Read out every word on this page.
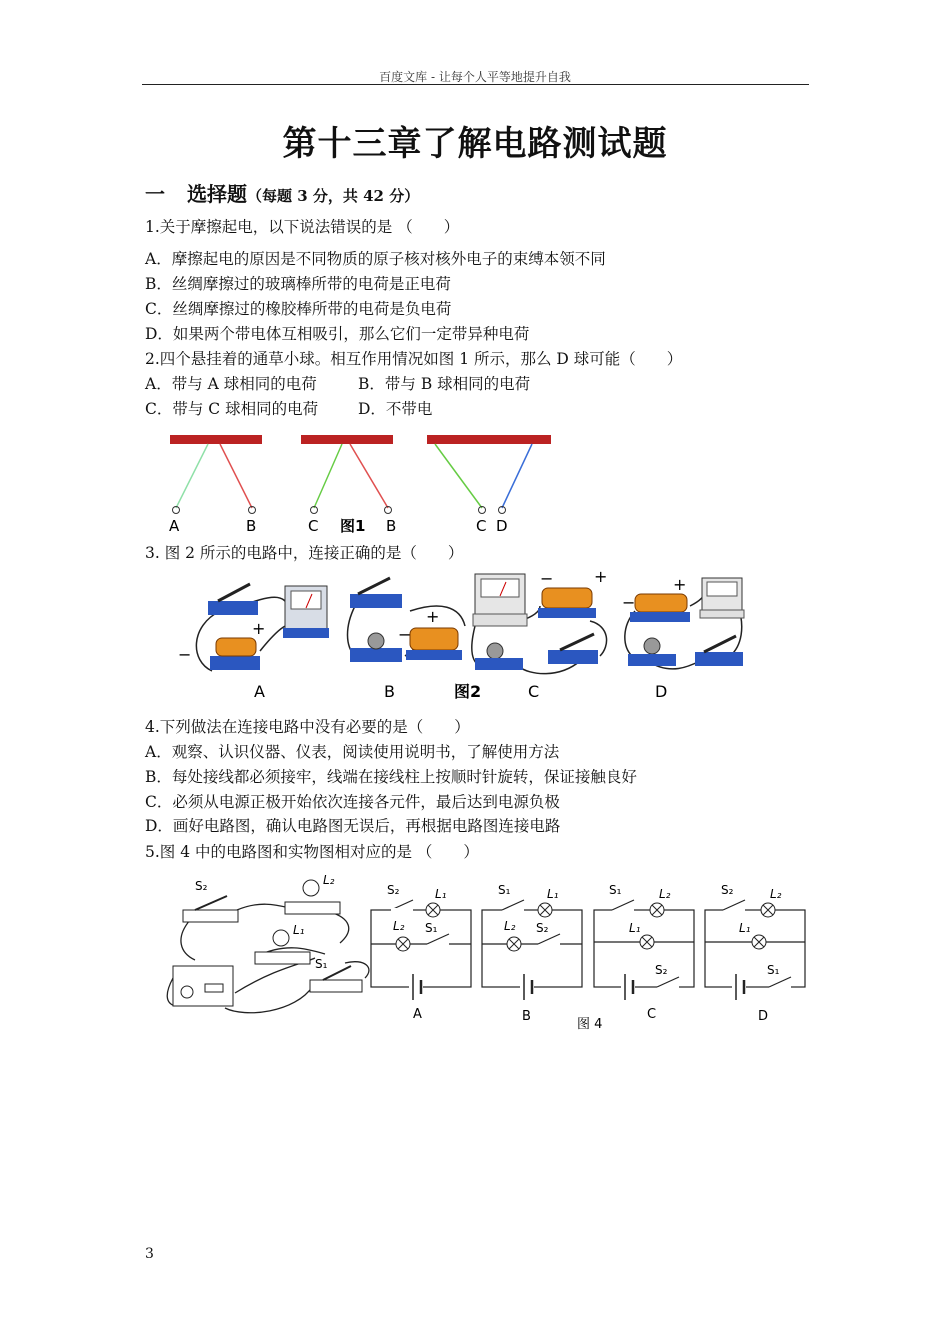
百度文库 - 让每个人平等地提升自我
第十三章了解电路测试题
一 选择题（每题 3 分，共 42 分）
1.关于摩擦起电，以下说法错误的是 （　　）
A．摩擦起电的原因是不同物质的原子核对核外电子的束缚本领不同
B．丝绸摩擦过的玻璃棒所带的电荷是正电荷
C．丝绸摩擦过的橡胶棒所带的电荷是负电荷
D．如果两个带电体互相吸引，那么它们一定带异种电荷
2.四个悬挂着的通草小球。相互作用情况如图 1 所示，那么 D 球可能（　　）
A．带与 A 球相同的电荷	B．带与 B 球相同的电荷
C．带与 C 球相同的电荷	D．不带电
A	B	C	B
图1	C D
3. 图 2 所示的电路中，连接正确的是（　　）
+
−
A
+
−
B	图2
−	+
C
−
+
D
4.下列做法在连接电路中没有必要的是（　　）
A．观察、认识仪器、仪表，阅读使用说明书，了解使用方法
B．每处接线都必须接牢，线端在接线柱上按顺时针旋转，保证接触良好
C．必须从电源正极开始依次连接各元件，最后达到电源负极
D．画好电路图，确认电路图无误后，再根据电路图连接电路
5.图 4 中的电路图和实物图相对应的是 （　　）
S₂	L₂
L₁
S₁
S₂	L₁
L₂ S₁
A
S₁	L₁
L₂ S₂
B
图 4
S₁	L₂
L₁
S₂
C
S₂	L₂
L₁
S₁
D
3
